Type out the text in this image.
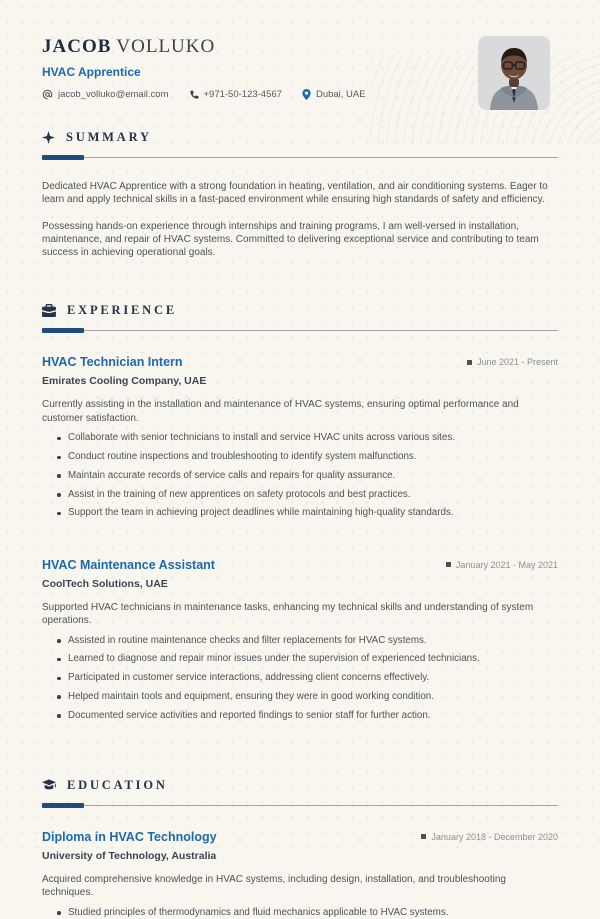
JACOB VOLLUKO
HVAC Apprentice
jacob_volluko@email.com	+971-50-123-4567	Dubai, UAE
SUMMARY

Dedicated HVAC Apprentice with a strong foundation in heating, ventilation, and air conditioning systems. Eager to learn and apply technical skills in a fast-paced environment while ensuring high standards of safety and efficiency.

Possessing hands-on experience through internships and training programs, I am well-versed in installation, maintenance, and repair of HVAC systems. Committed to delivering exceptional service and contributing to team success in achieving operational goals.

EXPERIENCE
HVAC Technician Intern	June 2021 - Present
Emirates Cooling Company, UAE
Currently assisting in the installation and maintenance of HVAC systems, ensuring optimal performance and customer satisfaction.
Collaborate with senior technicians to install and service HVAC units across various sites.
Conduct routine inspections and troubleshooting to identify system malfunctions.
Maintain accurate records of service calls and repairs for quality assurance.
Assist in the training of new apprentices on safety protocols and best practices.
Support the team in achieving project deadlines while maintaining high-quality standards.
HVAC Maintenance Assistant	January 2021 - May 2021
CoolTech Solutions, UAE
Supported HVAC technicians in maintenance tasks, enhancing my technical skills and understanding of system operations.
Assisted in routine maintenance checks and filter replacements for HVAC systems.
Learned to diagnose and repair minor issues under the supervision of experienced technicians.
Participated in customer service interactions, addressing client concerns effectively.
Helped maintain tools and equipment, ensuring they were in good working condition.
Documented service activities and reported findings to senior staff for further action.
EDUCATION
Diploma in HVAC Technology	January 2018 - December 2020
University of Technology, Australia
Acquired comprehensive knowledge in HVAC systems, including design, installation, and troubleshooting techniques.
Studied principles of thermodynamics and fluid mechanics applicable to HVAC systems.
